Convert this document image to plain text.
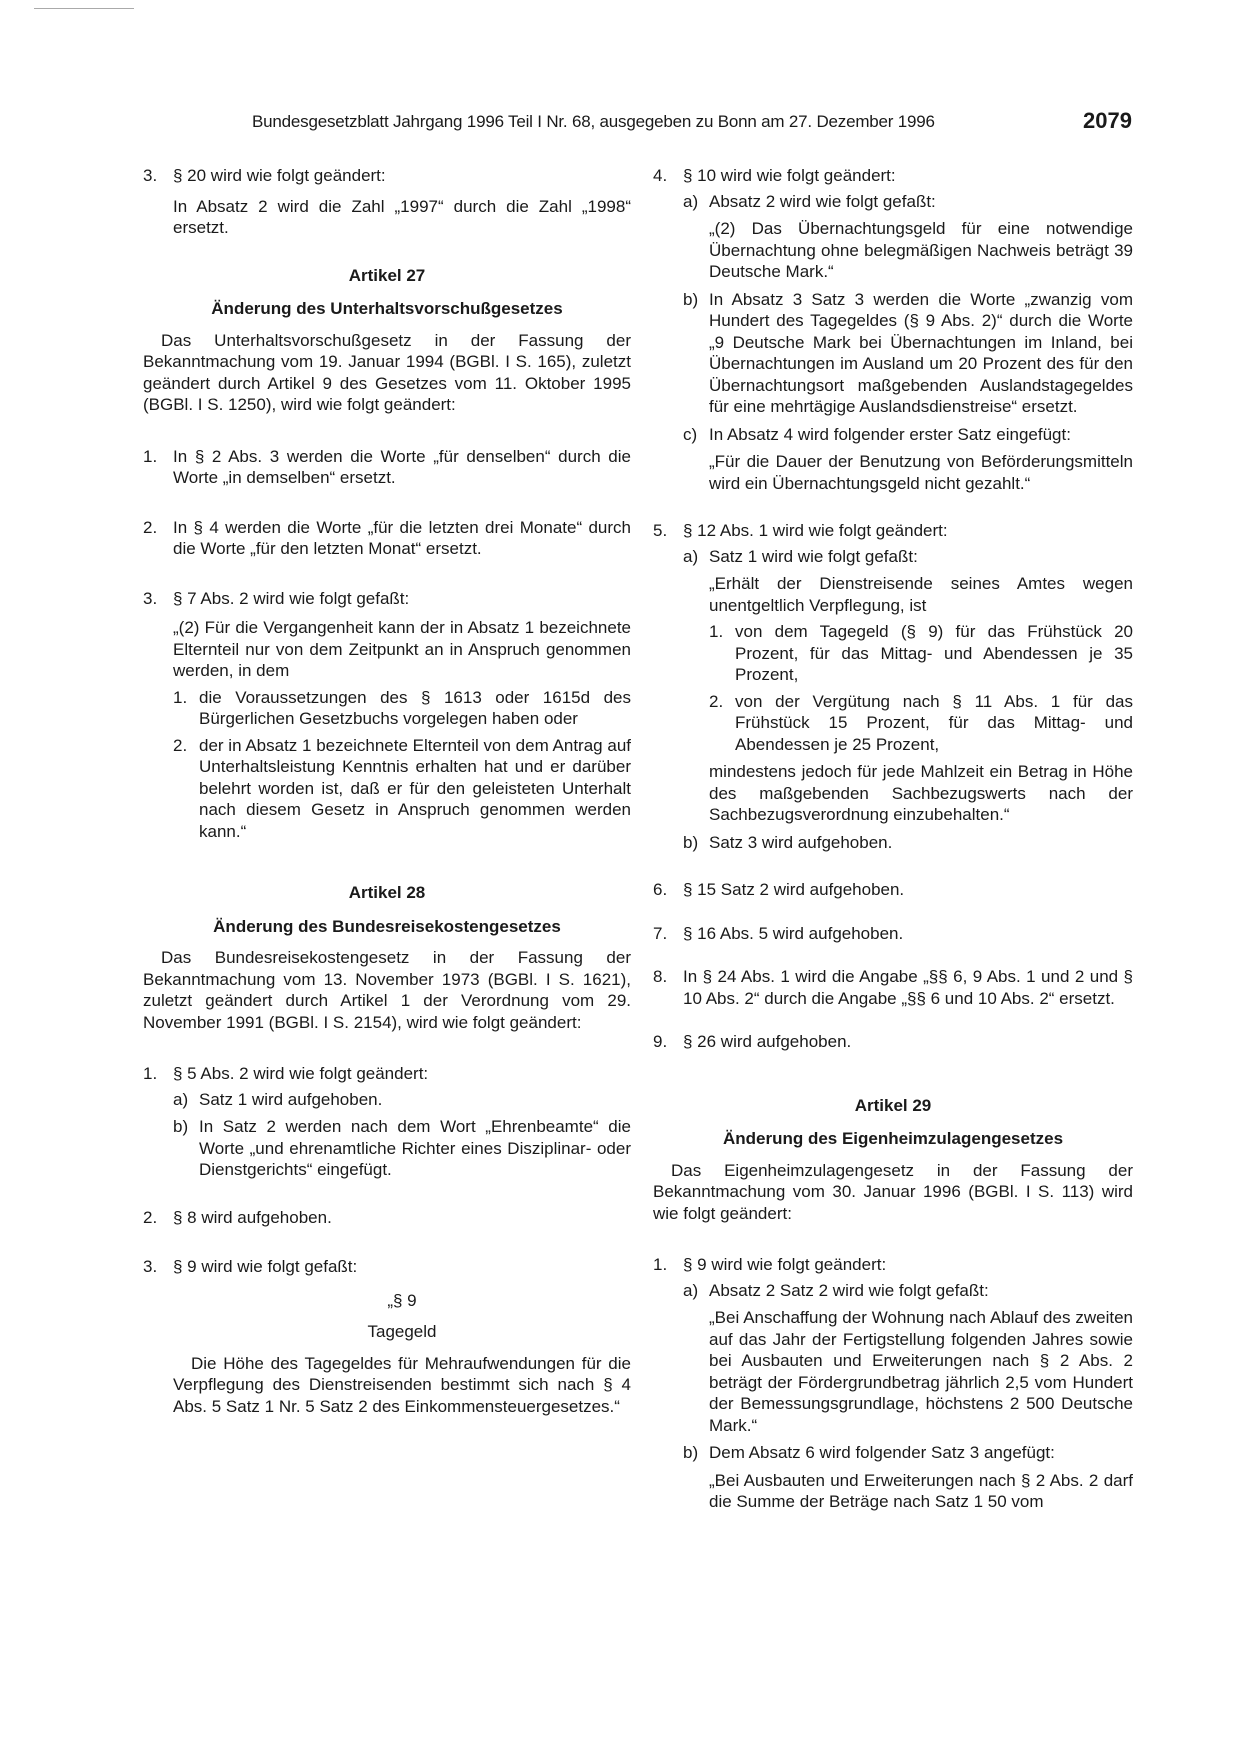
Bundesgesetzblatt Jahrgang 1996 Teil I Nr. 68, ausgegeben zu Bonn am 27. Dezember 1996	2079
3. § 20 wird wie folgt geändert:
In Absatz 2 wird die Zahl „1997“ durch die Zahl „1998“ ersetzt.
Artikel 27
Änderung des Unterhaltsvorschußgesetzes
Das Unterhaltsvorschußgesetz in der Fassung der Bekanntmachung vom 19. Januar 1994 (BGBl. I S. 165), zuletzt geändert durch Artikel 9 des Gesetzes vom 11. Oktober 1995 (BGBl. I S. 1250), wird wie folgt geändert:
1. In § 2 Abs. 3 werden die Worte „für denselben“ durch die Worte „in demselben“ ersetzt.
2. In § 4 werden die Worte „für die letzten drei Monate“ durch die Worte „für den letzten Monat“ ersetzt.
3. § 7 Abs. 2 wird wie folgt gefaßt:
„(2) Für die Vergangenheit kann der in Absatz 1 bezeichnete Elternteil nur von dem Zeitpunkt an in Anspruch genommen werden, in dem
1. die Voraussetzungen des § 1613 oder 1615d des Bürgerlichen Gesetzbuchs vorgelegen haben oder
2. der in Absatz 1 bezeichnete Elternteil von dem Antrag auf Unterhaltsleistung Kenntnis erhalten hat und er darüber belehrt worden ist, daß er für den geleisteten Unterhalt nach diesem Gesetz in Anspruch genommen werden kann.“
Artikel 28
Änderung des Bundesreisekostengesetzes
Das Bundesreisekostengesetz in der Fassung der Bekanntmachung vom 13. November 1973 (BGBl. I S. 1621), zuletzt geändert durch Artikel 1 der Verordnung vom 29. November 1991 (BGBl. I S. 2154), wird wie folgt geändert:
1. § 5 Abs. 2 wird wie folgt geändert:
a) Satz 1 wird aufgehoben.
b) In Satz 2 werden nach dem Wort „Ehrenbeamte“ die Worte „und ehrenamtliche Richter eines Disziplinar- oder Dienstgerichts“ eingefügt.
2. § 8 wird aufgehoben.
3. § 9 wird wie folgt gefaßt:
„§ 9
Tagegeld
Die Höhe des Tagegeldes für Mehraufwendungen für die Verpflegung des Dienstreisenden bestimmt sich nach § 4 Abs. 5 Satz 1 Nr. 5 Satz 2 des Einkommensteuergesetzes.“
4. § 10 wird wie folgt geändert:
a) Absatz 2 wird wie folgt gefaßt:
„(2) Das Übernachtungsgeld für eine notwendige Übernachtung ohne belegmäßigen Nachweis beträgt 39 Deutsche Mark.“
b) In Absatz 3 Satz 3 werden die Worte „zwanzig vom Hundert des Tagegeldes (§ 9 Abs. 2)“ durch die Worte „9 Deutsche Mark bei Übernachtungen im Inland, bei Übernachtungen im Ausland um 20 Prozent des für den Übernachtungsort maßgebenden Auslandstagegeldes für eine mehrtägige Auslandsdienstreise“ ersetzt.
c) In Absatz 4 wird folgender erster Satz eingefügt:
„Für die Dauer der Benutzung von Beförderungsmitteln wird ein Übernachtungsgeld nicht gezahlt.“
5. § 12 Abs. 1 wird wie folgt geändert:
a) Satz 1 wird wie folgt gefaßt:
„Erhält der Dienstreisende seines Amtes wegen unentgeltlich Verpflegung, ist
1. von dem Tagegeld (§ 9) für das Frühstück 20 Prozent, für das Mittag- und Abendessen je 35 Prozent,
2. von der Vergütung nach § 11 Abs. 1 für das Frühstück 15 Prozent, für das Mittag- und Abendessen je 25 Prozent,
mindestens jedoch für jede Mahlzeit ein Betrag in Höhe des maßgebenden Sachbezugswerts nach der Sachbezugsverordnung einzubehalten.“
b) Satz 3 wird aufgehoben.
6. § 15 Satz 2 wird aufgehoben.
7. § 16 Abs. 5 wird aufgehoben.
8. In § 24 Abs. 1 wird die Angabe „§§ 6, 9 Abs. 1 und 2 und § 10 Abs. 2“ durch die Angabe „§§ 6 und 10 Abs. 2“ ersetzt.
9. § 26 wird aufgehoben.
Artikel 29
Änderung des Eigenheimzulagengesetzes
Das Eigenheimzulagengesetz in der Fassung der Bekanntmachung vom 30. Januar 1996 (BGBl. I S. 113) wird wie folgt geändert:
1. § 9 wird wie folgt geändert:
a) Absatz 2 Satz 2 wird wie folgt gefaßt:
„Bei Anschaffung der Wohnung nach Ablauf des zweiten auf das Jahr der Fertigstellung folgenden Jahres sowie bei Ausbauten und Erweiterungen nach § 2 Abs. 2 beträgt der Fördergrundbetrag jährlich 2,5 vom Hundert der Bemessungsgrundlage, höchstens 2 500 Deutsche Mark.“
b) Dem Absatz 6 wird folgender Satz 3 angefügt:
„Bei Ausbauten und Erweiterungen nach § 2 Abs. 2 darf die Summe der Beträge nach Satz 1 50 vom
